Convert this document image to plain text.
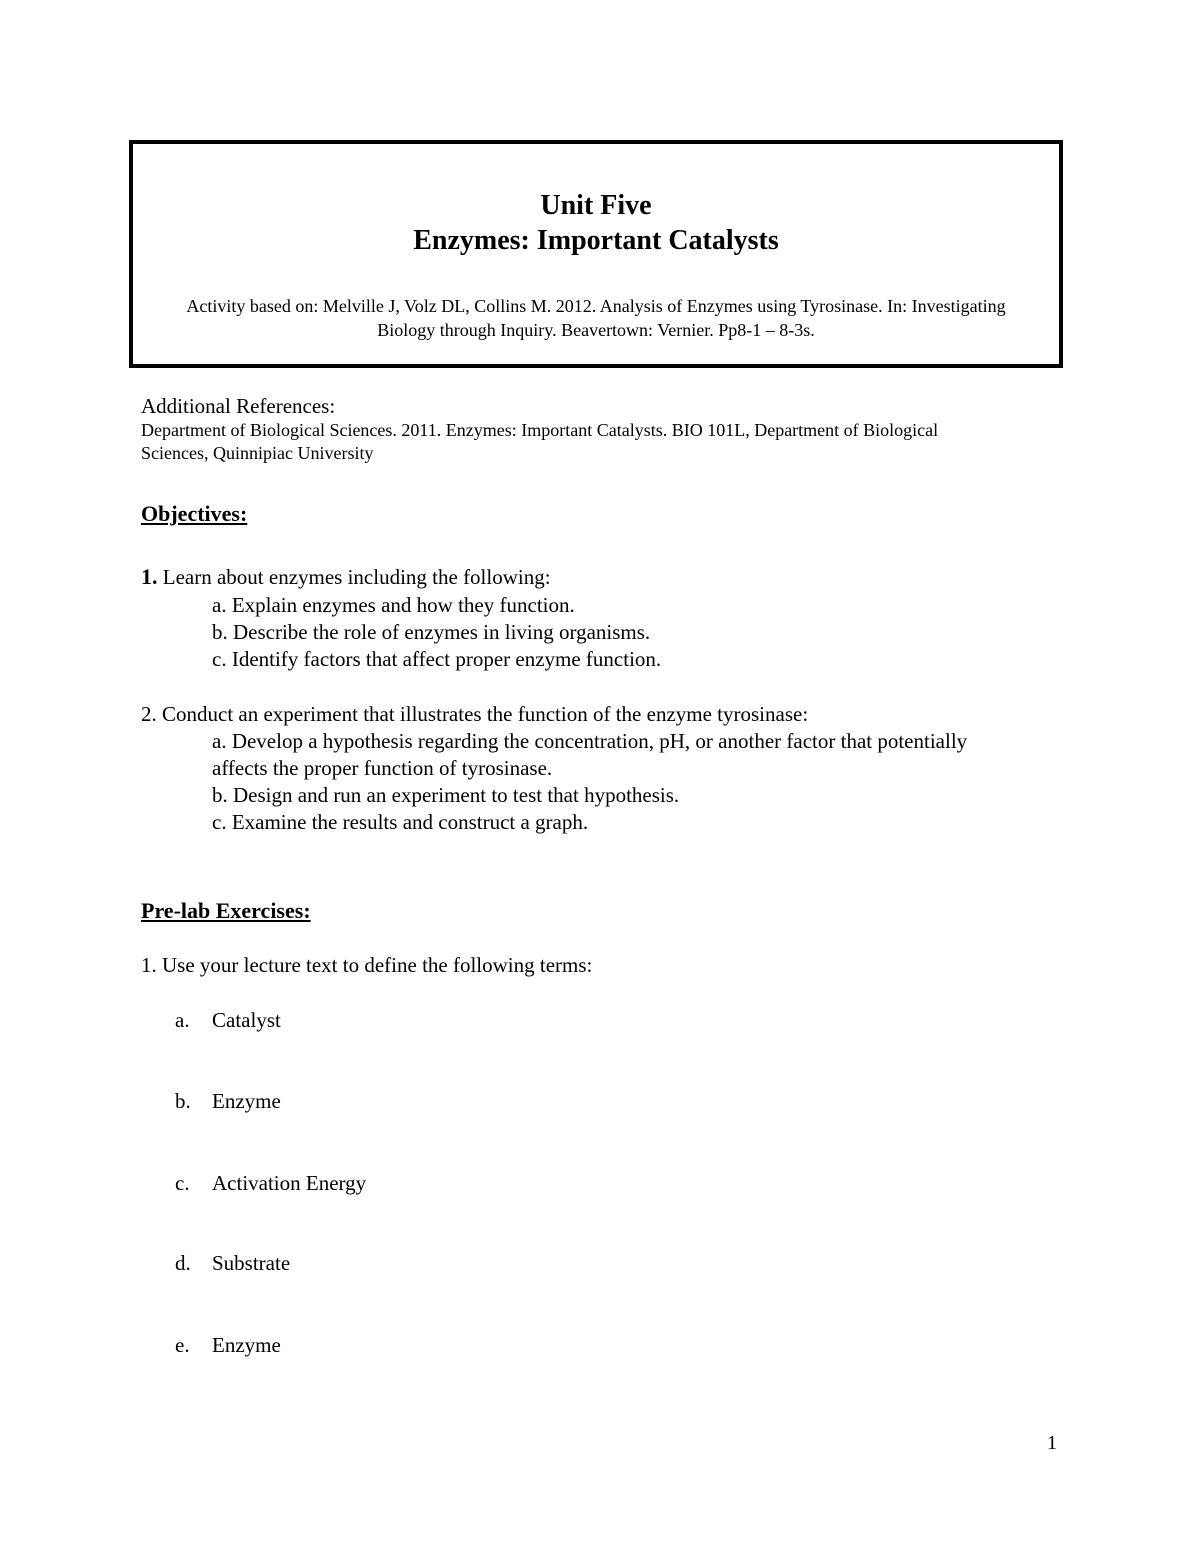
Unit Five
Enzymes: Important Catalysts
Activity based on: Melville J, Volz DL, Collins M. 2012. Analysis of Enzymes using Tyrosinase. In: Investigating
Biology through Inquiry. Beavertown: Vernier. Pp8-1 – 8-3s.
Additional References:
Department of Biological Sciences. 2011. Enzymes: Important Catalysts. BIO 101L, Department of Biological
Sciences, Quinnipiac University
Objectives:
1. Learn about enzymes including the following:
a. Explain enzymes and how they function.
b. Describe the role of enzymes in living organisms.
c. Identify factors that affect proper enzyme function.
2. Conduct an experiment that illustrates the function of the enzyme tyrosinase:
a. Develop a hypothesis regarding the concentration, pH, or another factor that potentially
affects the proper function of tyrosinase.
b. Design and run an experiment to test that hypothesis.
c. Examine the results and construct a graph.
Pre-lab Exercises:
1. Use your lecture text to define the following terms:
a. Catalyst
b. Enzyme
c. Activation Energy
d. Substrate
e. Enzyme
1
